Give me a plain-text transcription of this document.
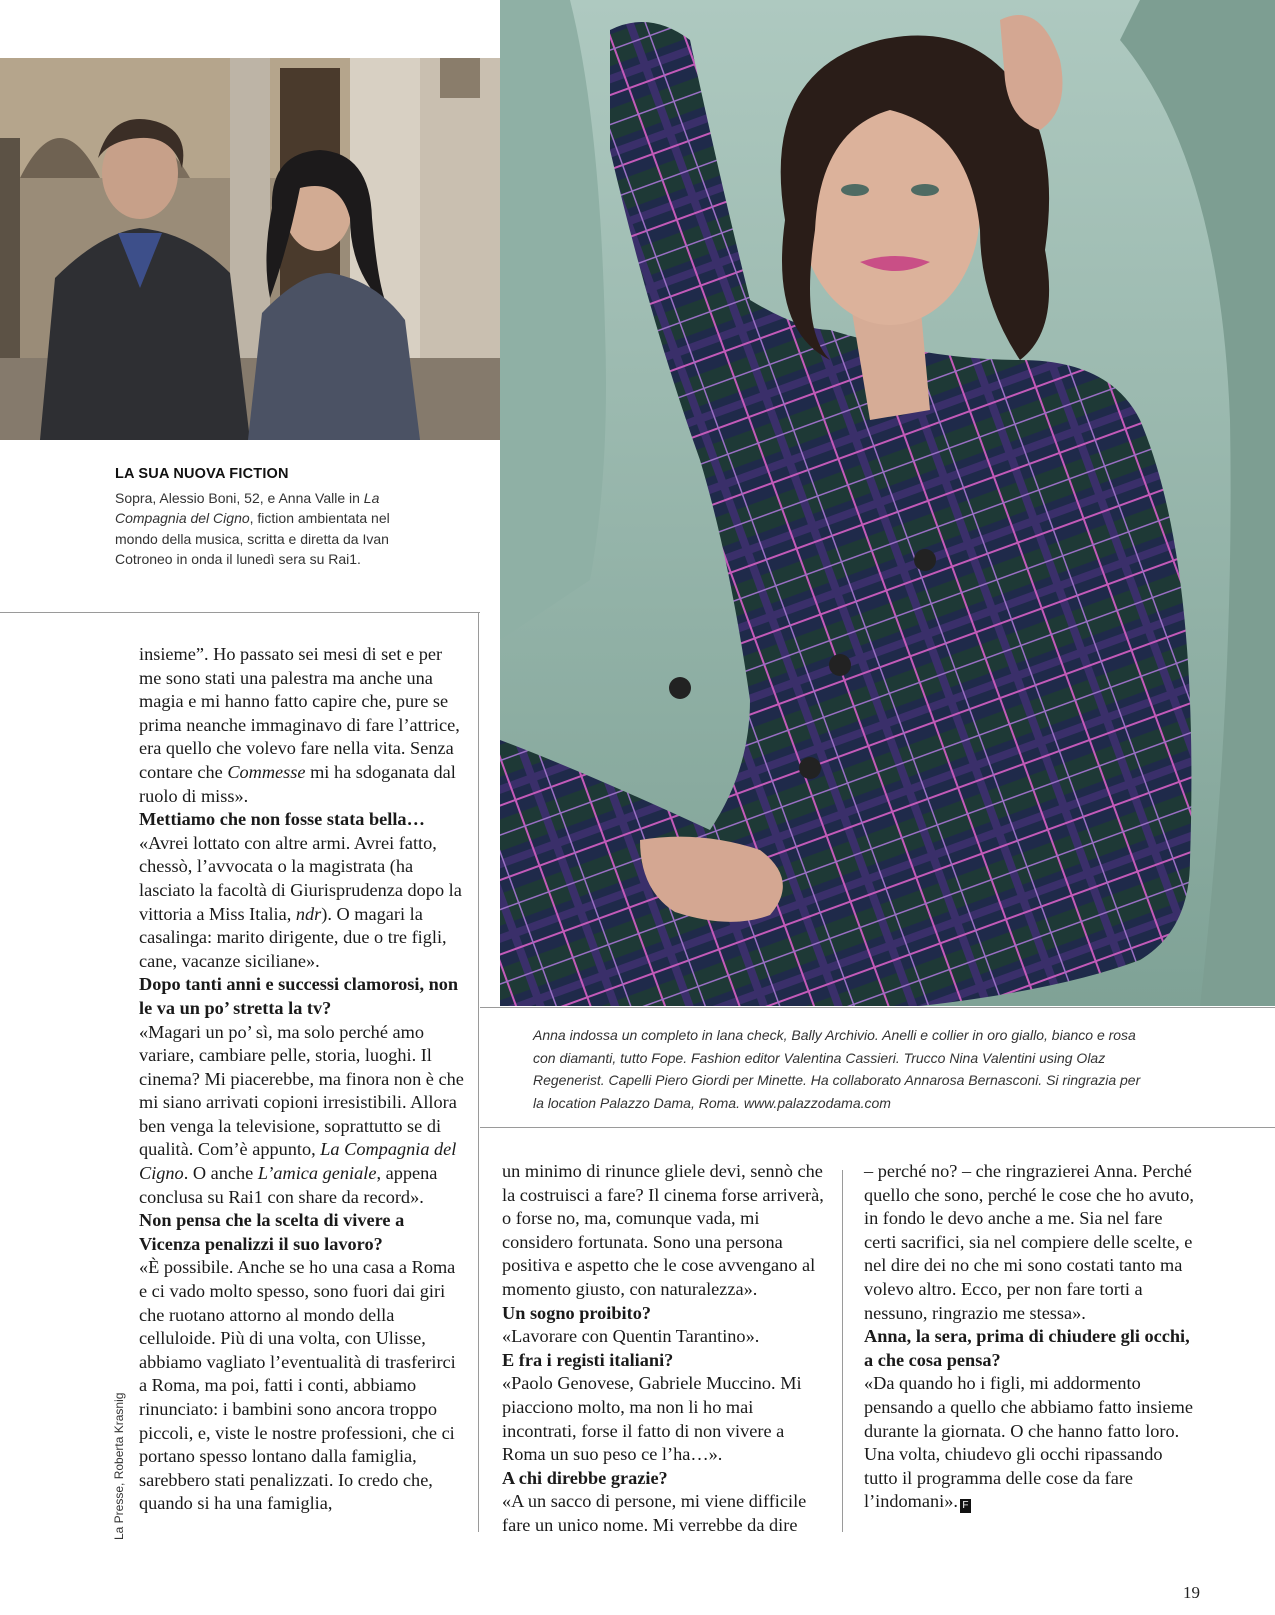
LA SUA NUOVA FICTION
Sopra, Alessio Boni, 52, e Anna Valle in La Compagnia del Cigno, fiction ambientata nel mondo della musica, scritta e diretta da Ivan Cotroneo in onda il lunedì sera su Rai1.
Anna indossa un completo in lana check, Bally Archivio. Anelli e collier in oro giallo, bianco e rosa con diamanti, tutto Fope. Fashion editor Valentina Cassieri. Trucco Nina Valentini using Olaz Regenerist. Capelli Piero Giordi per Minette. Ha collaborato Annarosa Bernasconi. Si ringrazia per la location Palazzo Dama, Roma. www.palazzodama.com

insieme”. Ho passato sei mesi di set e per me sono stati una palestra ma anche una magia e mi hanno fatto capire che, pure se prima neanche immaginavo di fare l’attrice, era quello che volevo fare nella vita. Senza contare che Commesse mi ha sdoganata dal ruolo di miss».

Mettiamo che non fosse stata bella…

«Avrei lottato con altre armi. Avrei fatto, chessò, l’avvocata o la magistrata (ha lasciato la facoltà di Giurisprudenza dopo la vittoria a Miss Italia, ndr). O magari la casalinga: marito dirigente, due o tre figli, cane, vacanze siciliane».

Dopo tanti anni e successi clamorosi, non le va un po’ stretta la tv?

«Magari un po’ sì, ma solo perché amo variare, cambiare pelle, storia, luoghi. Il cinema? Mi piacerebbe, ma finora non è che mi siano arrivati copioni irresistibili. Allora ben venga la televisione, soprattutto se di qualità. Com’è appunto, La Compagnia del Cigno. O anche L’amica geniale, appena conclusa su Rai1 con share da record».

Non pensa che la scelta di vivere a Vicenza penalizzi il suo lavoro?

«È possibile. Anche se ho una casa a Roma e ci vado molto spesso, sono fuori dai giri che ruotano attorno al mondo della celluloide. Più di una volta, con Ulisse, abbiamo vagliato l’eventualità di trasferirci a Roma, ma poi, fatti i conti, abbiamo rinunciato: i bambini sono ancora troppo piccoli, e, viste le nostre professioni, che ci portano spesso lontano dalla famiglia, sarebbero stati penalizzati. Io credo che, quando si ha una famiglia,

un minimo di rinunce gliele devi, sennò che la costruisci a fare? Il cinema forse arriverà, o forse no, ma, comunque vada, mi considero fortunata. Sono una persona positiva e aspetto che le cose avvengano al momento giusto, con naturalezza».

Un sogno proibito?

«Lavorare con Quentin Tarantino».

E fra i registi italiani?

«Paolo Genovese, Gabriele Muccino. Mi piacciono molto, ma non li ho mai incontrati, forse il fatto di non vivere a Roma un suo peso ce l’ha…».

A chi direbbe grazie?

«A un sacco di persone, mi viene difficile fare un unico nome. Mi verrebbe da dire

– perché no? – che ringrazierei Anna. Perché quello che sono, perché le cose che ho avuto, in fondo le devo anche a me. Sia nel fare certi sacrifici, sia nel compiere delle scelte, e nel dire dei no che mi sono costati tanto ma volevo altro. Ecco, per non fare torti a nessuno, ringrazio me stessa».

Anna, la sera, prima di chiudere gli occhi, a che cosa pensa?

«Da quando ho i figli, mi addormento pensando a quello che abbiamo fatto insieme durante la giornata. O che hanno fatto loro. Una volta, chiudevo gli occhi ripassando tutto il programma delle cose da fare l’indomani». F

La Presse, Roberta Krasnig
19
